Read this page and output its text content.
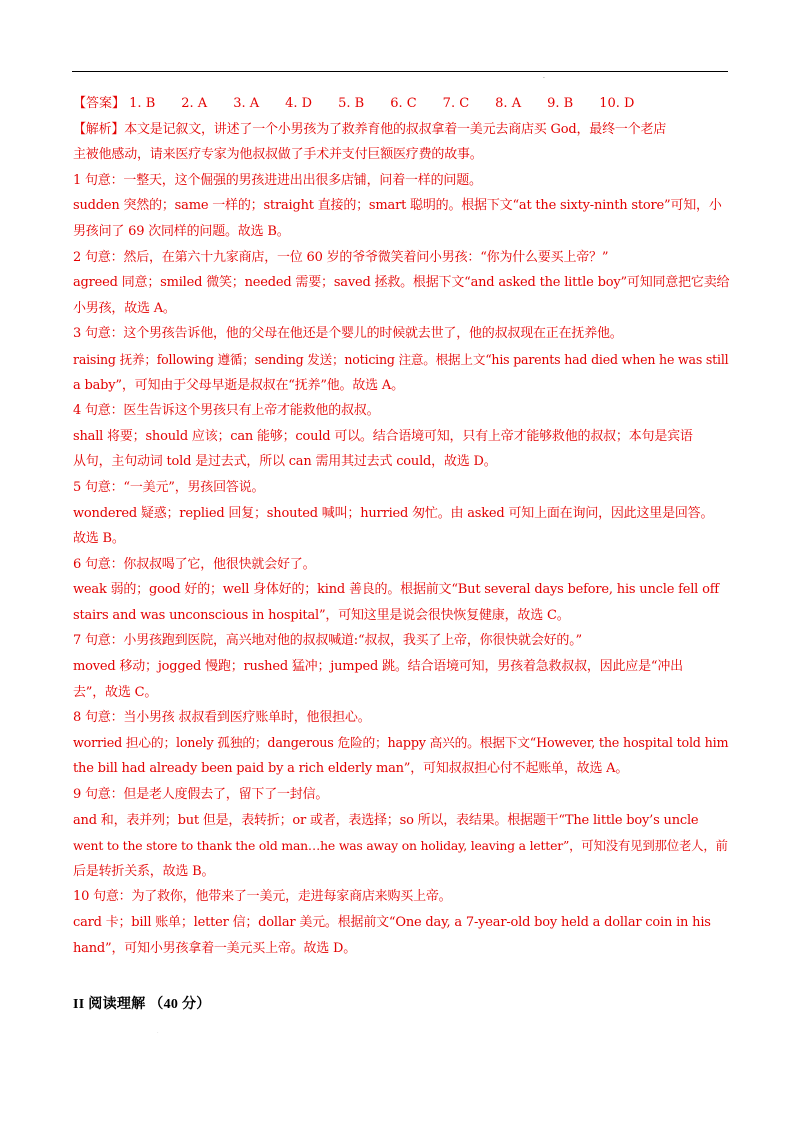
·
【答案】 1. B 2. A 3. A 4. D 5. B 6. C 7. C 8. A 9. B 10. D
【解析】本文是记叙文，讲述了一个小男孩为了救养育他的叔叔拿着一美元去商店买 God，最终一个老店
主被他感动，请来医疗专家为他叔叔做了手术并支付巨额医疗费的故事。
1 句意：一整天，这个倔强的男孩进进出出很多店铺，问着一样的问题。
sudden 突然的；same 一样的；straight 直接的；smart 聪明的。根据下文“at the sixty-ninth store”可知，小
男孩问了 69 次同样的问题。故选 B。
2 句意：然后，在第六十九家商店，一位 60 岁的爷爷微笑着问小男孩：“你为什么要买上帝？”
agreed 同意；smiled 微笑；needed 需要；saved 拯救。根据下文“and asked the little boy”可知同意把它卖给
小男孩，故选 A。
3 句意：这个男孩告诉他，他的父母在他还是个婴儿的时候就去世了，他的叔叔现在正在抚养他。
raising 抚养；following 遵循；sending 发送；noticing 注意。根据上文“his parents had died when he was still
a baby”，可知由于父母早逝是叔叔在“抚养”他。故选 A。
4 句意：医生告诉这个男孩只有上帝才能救他的叔叔。
shall 将要；should 应该；can 能够；could 可以。结合语境可知，只有上帝才能够救他的叔叔；本句是宾语
从句，主句动词 told 是过去式，所以 can 需用其过去式 could，故选 D。
5 句意：“一美元”，男孩回答说。
wondered 疑惑；replied 回复；shouted 喊叫；hurried 匆忙。由 asked 可知上面在询问，因此这里是回答。
故选 B。
6 句意：你叔叔喝了它，他很快就会好了。
weak 弱的；good 好的；well 身体好的；kind 善良的。根据前文“But several days before, his uncle fell off
stairs and was unconscious in hospital”，可知这里是说会很快恢复健康，故选 C。
7 句意：小男孩跑到医院，高兴地对他的叔叔喊道:“叔叔，我买了上帝，你很快就会好的。”
moved 移动；jogged 慢跑；rushed 猛冲；jumped 跳。结合语境可知，男孩着急救叔叔，因此应是“冲出
去”，故选 C。
8 句意：当小男孩 叔叔看到医疗账单时，他很担心。
worried 担心的；lonely 孤独的；dangerous 危险的；happy 高兴的。根据下文“However, the hospital told him
the bill had already been paid by a rich elderly man”，可知叔叔担心付不起账单，故选 A。
9 句意：但是老人度假去了，留下了一封信。
and 和，表并列；but 但是，表转折；or 或者，表选择；so 所以，表结果。根据题干“The little boy’s uncle
went to the store to thank the old man…he was away on holiday, leaving a letter”，可知没有见到那位老人，前
后是转折关系，故选 B。
10 句意：为了救你，他带来了一美元，走进每家商店来购买上帝。
card 卡；bill 账单；letter 信；dollar 美元。根据前文“One day, a 7-year-old boy held a dollar coin in his
hand”，可知小男孩拿着一美元买上帝。故选 D。
II 阅读理解 （40 分）
·
